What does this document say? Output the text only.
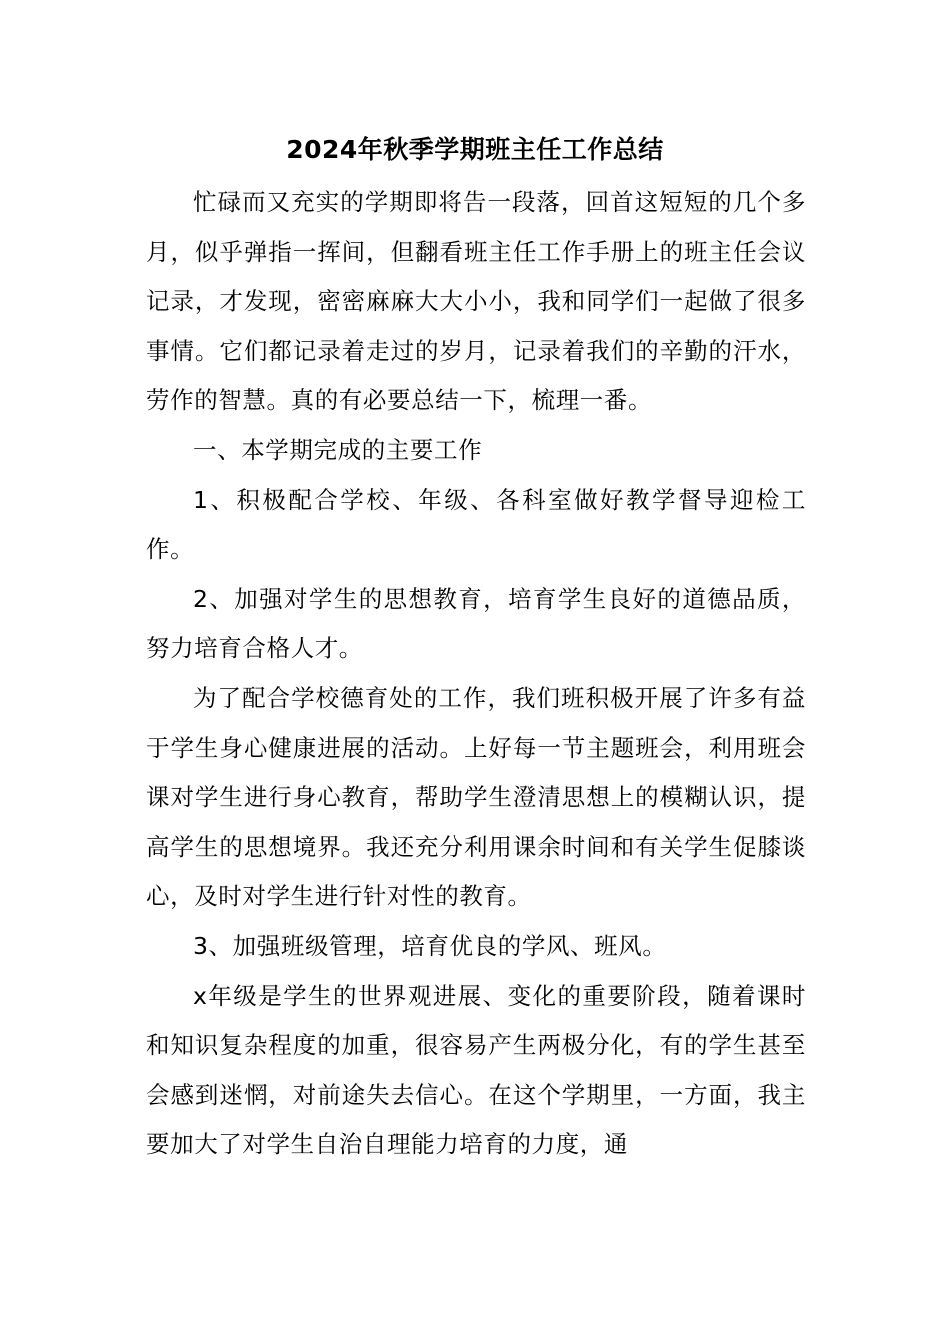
2024年秋季学期班主任工作总结

忙碌而又充实的学期即将告一段落，回首这短短的几个多月，似乎弹指一挥间，但翻看班主任工作手册上的班主任会议记录，才发现，密密麻麻大大小小，我和同学们一起做了很多事情。它们都记录着走过的岁月，记录着我们的辛勤的汗水，劳作的智慧。真的有必要总结一下，梳理一番。

一、本学期完成的主要工作

1、积极配合学校、年级、各科室做好教学督导迎检工作。

2、加强对学生的思想教育，培育学生良好的道德品质，努力培育合格人才。

为了配合学校德育处的工作，我们班积极开展了许多有益于学生身心健康进展的活动。上好每一节主题班会，利用班会课对学生进行身心教育，帮助学生澄清思想上的模糊认识，提高学生的思想境界。我还充分利用课余时间和有关学生促膝谈心，及时对学生进行针对性的教育。

3、加强班级管理，培育优良的学风、班风。

x年级是学生的世界观进展、变化的重要阶段，随着课时和知识复杂程度的加重，很容易产生两极分化，有的学生甚至会感到迷惘，对前途失去信心。在这个学期里，一方面，我主要加大了对学生自治自理能力培育的力度，通
